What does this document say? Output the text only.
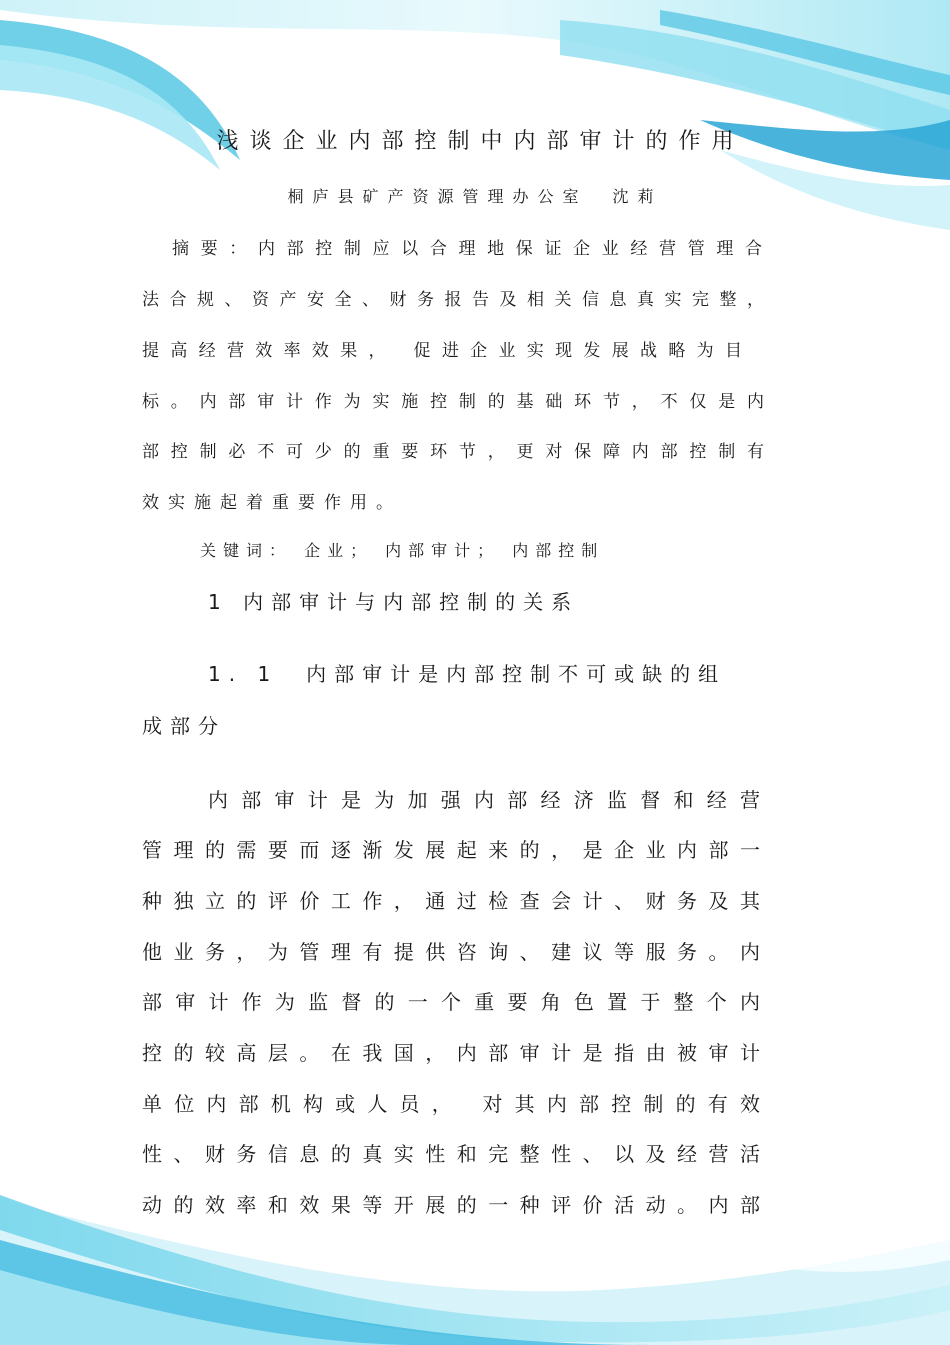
浅谈企业内部控制中内部审计的作用
桐庐县矿产资源管理办公室　沈莉
摘要：内部控制应以合理地保证企业经营管理合
法合规、资产安全、财务报告及相关信息真实完整，
提高经营效率效果， 促进企业实现发展战略为目
标。内部审计作为实施控制的基础环节，不仅是内
部控制必不可少的重要环节，更对保障内部控制有
效实施起着重要作用。
关键词： 企业； 内部审计； 内部控制
1 内部审计与内部控制的关系
1. 1　内部审计是内部控制不可或缺的组
成部分
内部审计是为加强内部经济监督和经营
管理的需要而逐渐发展起来的，是企业内部一
种独立的评价工作，通过检查会计、财务及其
他业务，为管理有提供咨询、建议等服务。内
部审计作为监督的一个重要角色置于整个内
控的较高层。在我国，内部审计是指由被审计
单位内部机构或人员， 对其内部控制的有效
性、财务信息的真实性和完整性、以及经营活
动的效率和效果等开展的一种评价活动。内部
